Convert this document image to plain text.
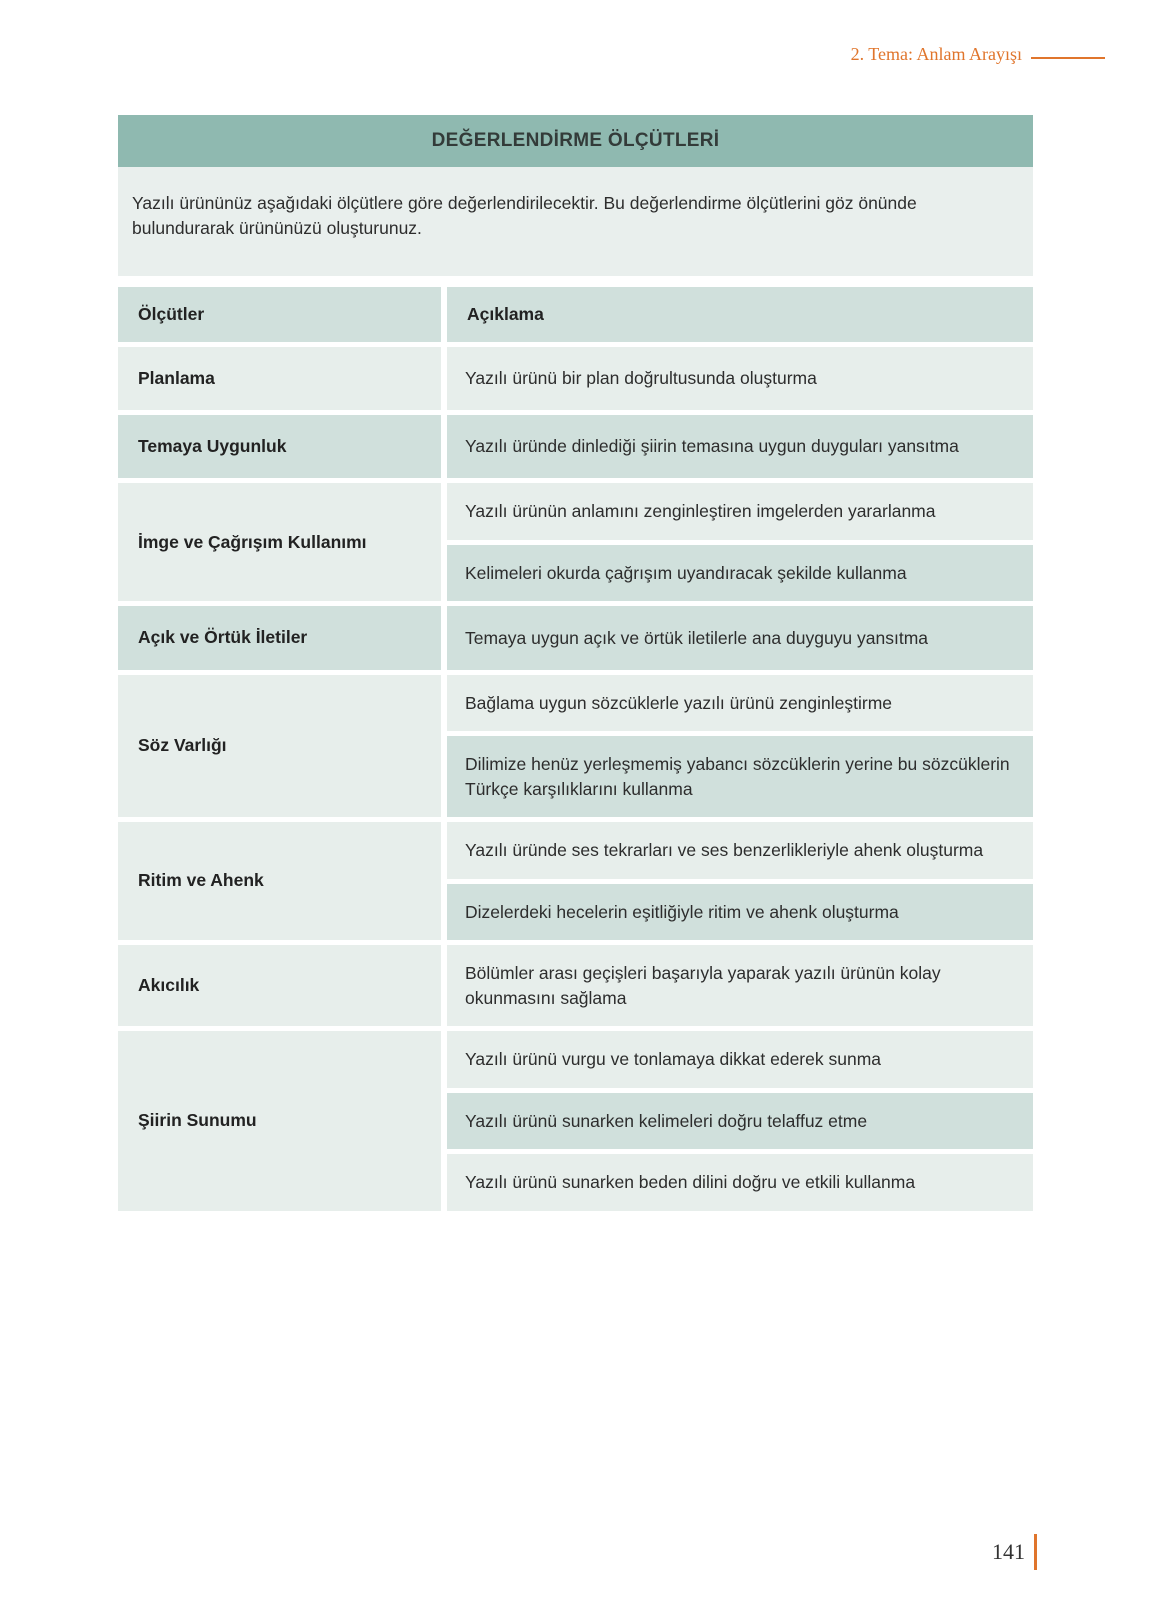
2. Tema: Anlam Arayışı
DEĞERLENDİRME ÖLÇÜTLERİ
Yazılı ürününüz aşağıdaki ölçütlere göre değerlendirilecektir. Bu değerlendirme ölçütlerini göz önünde bulundurarak ürününüzü oluşturunuz.
Ölçütler	Açıklama
Planlama	Yazılı ürünü bir plan doğrultusunda oluşturma
Temaya Uygunluk	Yazılı üründe dinlediği şiirin temasına uygun duyguları yansıtma
İmge ve Çağrışım Kullanımı	Yazılı ürünün anlamını zenginleştiren imgelerden yararlanma
	Kelimeleri okurda çağrışım uyandıracak şekilde kullanma
Açık ve Örtük İletiler	Temaya uygun açık ve örtük iletilerle ana duyguyu yansıtma
Söz Varlığı	Bağlama uygun sözcüklerle yazılı ürünü zenginleştirme
	Dilimize henüz yerleşmemiş yabancı sözcüklerin yerine bu sözcüklerin Türkçe karşılıklarını kullanma
Ritim ve Ahenk	Yazılı üründe ses tekrarları ve ses benzerlikleriyle ahenk oluşturma
	Dizelerdeki hecelerin eşitliğiyle ritim ve ahenk oluşturma
Akıcılık	Bölümler arası geçişleri başarıyla yaparak yazılı ürünün kolay okunmasını sağlama
Şiirin Sunumu	Yazılı ürünü vurgu ve tonlamaya dikkat ederek sunma
	Yazılı ürünü sunarken kelimeleri doğru telaffuz etme
	Yazılı ürünü sunarken beden dilini doğru ve etkili kullanma
141
